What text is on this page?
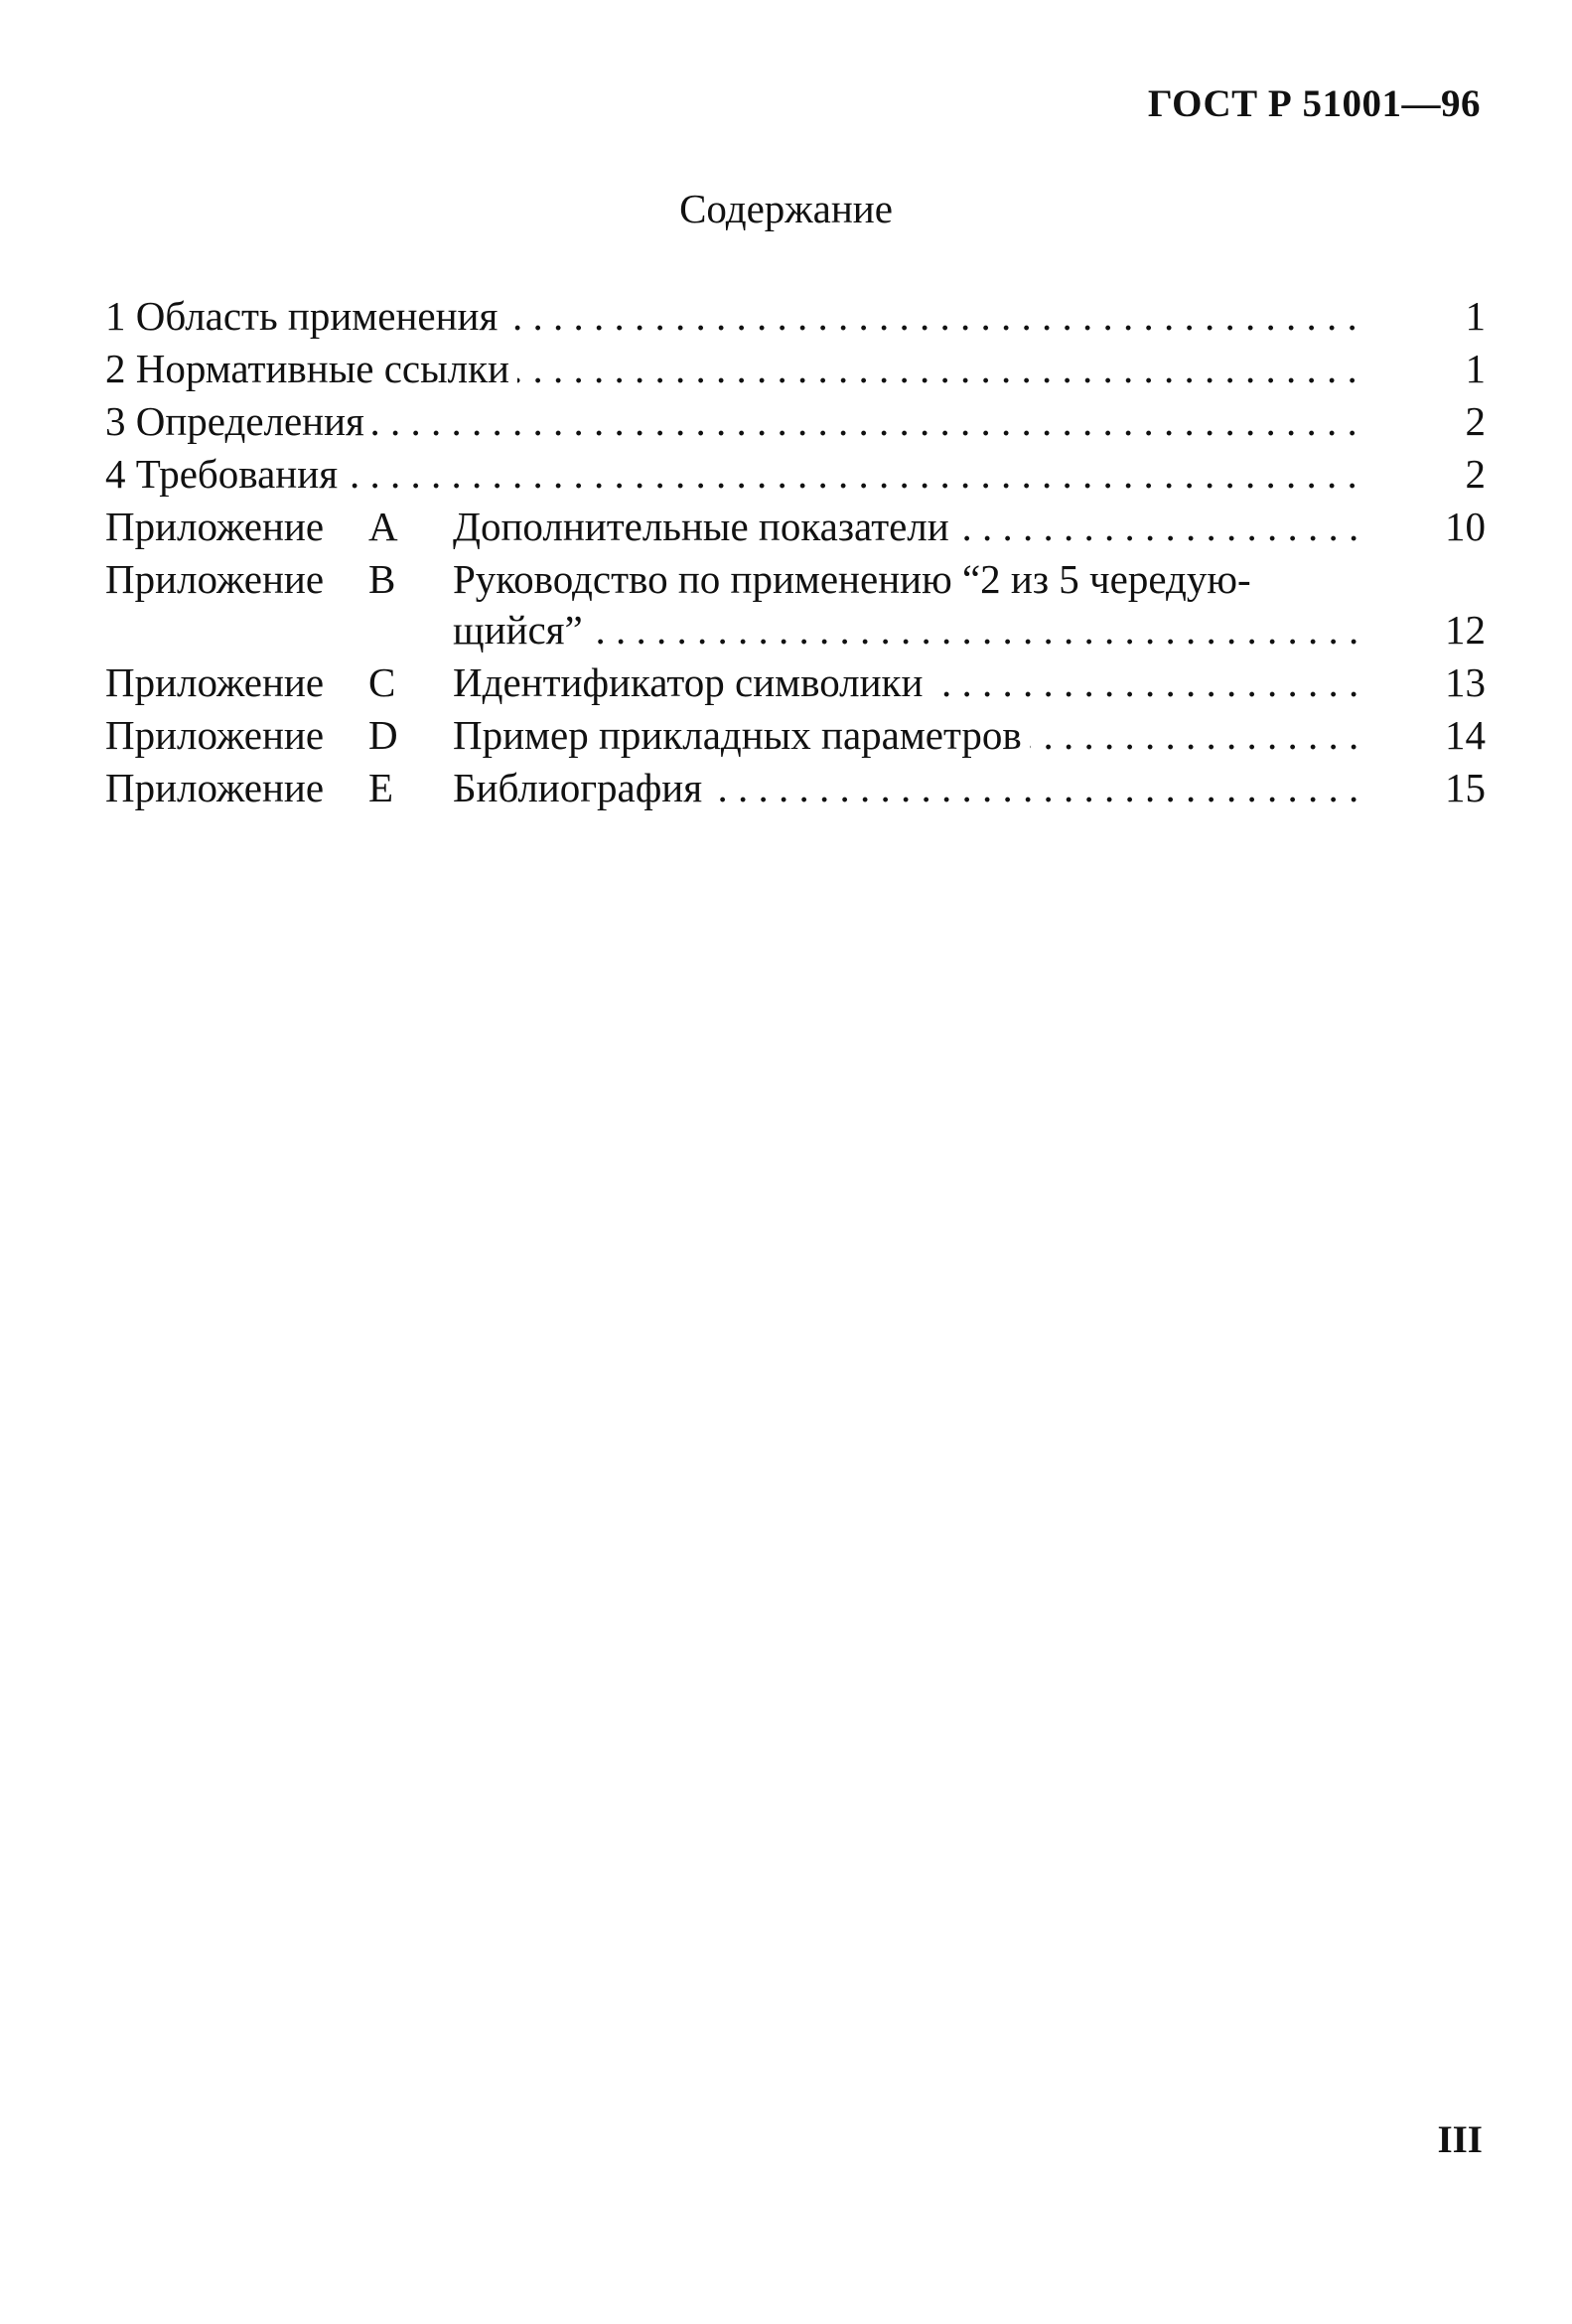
ГОСТ Р 51001—96
Содержание
1 Область применения . . .	1
2 Нормативные ссылки . . .	1
3 Определения . . .	2
4 Требования . . .	2
Приложение	А Дополнительные показатели . . .	10
Приложение	В Руководство по применению “2 из 5 чередую-
щийся” . . .	12
Приложение	С Идентификатор символики . . .	13
Приложение	D Пример прикладных параметров . . .	14
Приложение	Е Библиография . . .	15
III
